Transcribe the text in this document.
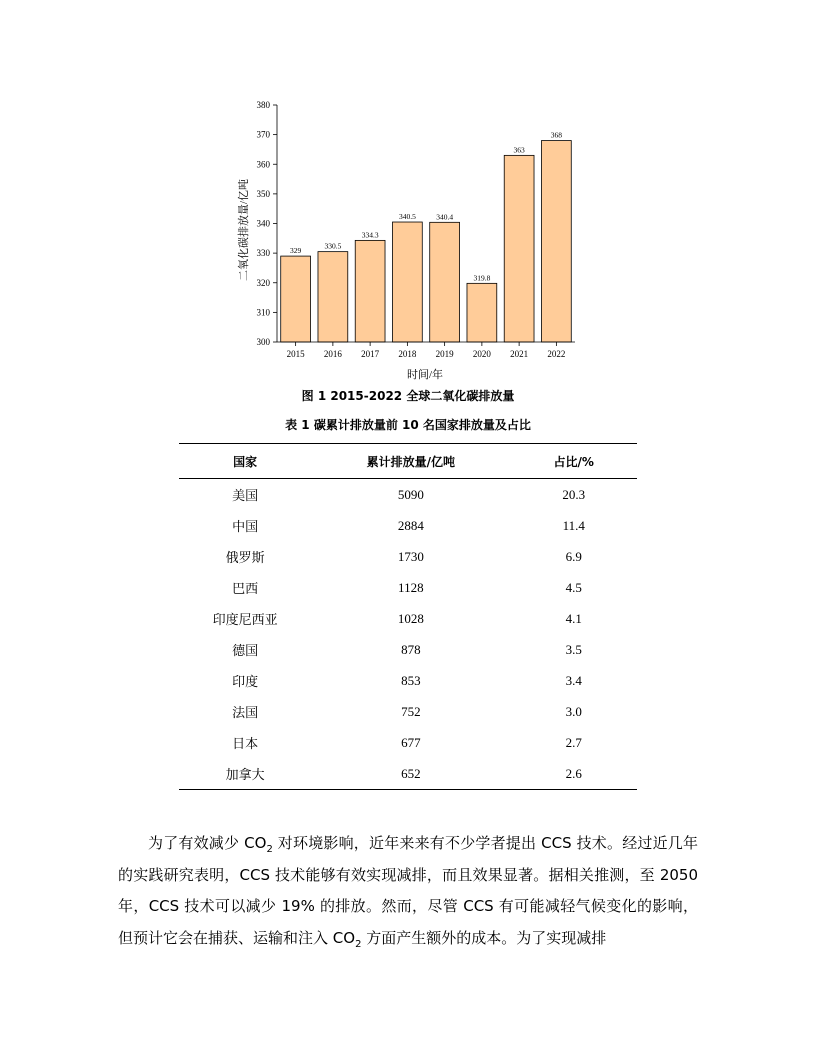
二氧化碳排放量/亿吨	329
2015
330.5
2016
334.3
2017
340.5
2018
340.4
2019
319.8
2020
363
2021
368
2022
300
310
320
330
340
350
360
370
380
时间/年
图 1 2015-2022 全球二氧化碳排放量
表 1 碳累计排放量前 10 名国家排放量及占比
国家	累计排放量/亿吨	占比/%
美国	5090	20.3
中国	2884	11.4
俄罗斯	1730	6.9
巴西	1128	4.5
印度尼西亚	1028	4.1
德国	878	3.5
印度	853	3.4
法国	752	3.0
日本	677	2.7
加拿大	652	2.6

为了有效减少 $CO_2$ 对环境影响，近年来来有不少学者提出 CCS 技术。经过近几年的实践研究表明，CCS 技术能够有效实现减排，而且效果显著。据相关推测，至 2050 年，CCS 技术可以减少 19% 的排放。然而，尽管 CCS 有可能减轻气候变化的影响，但预计它会在捕获、运输和注入 $CO_2$ 方面产生额外的成本。为了实现减排
